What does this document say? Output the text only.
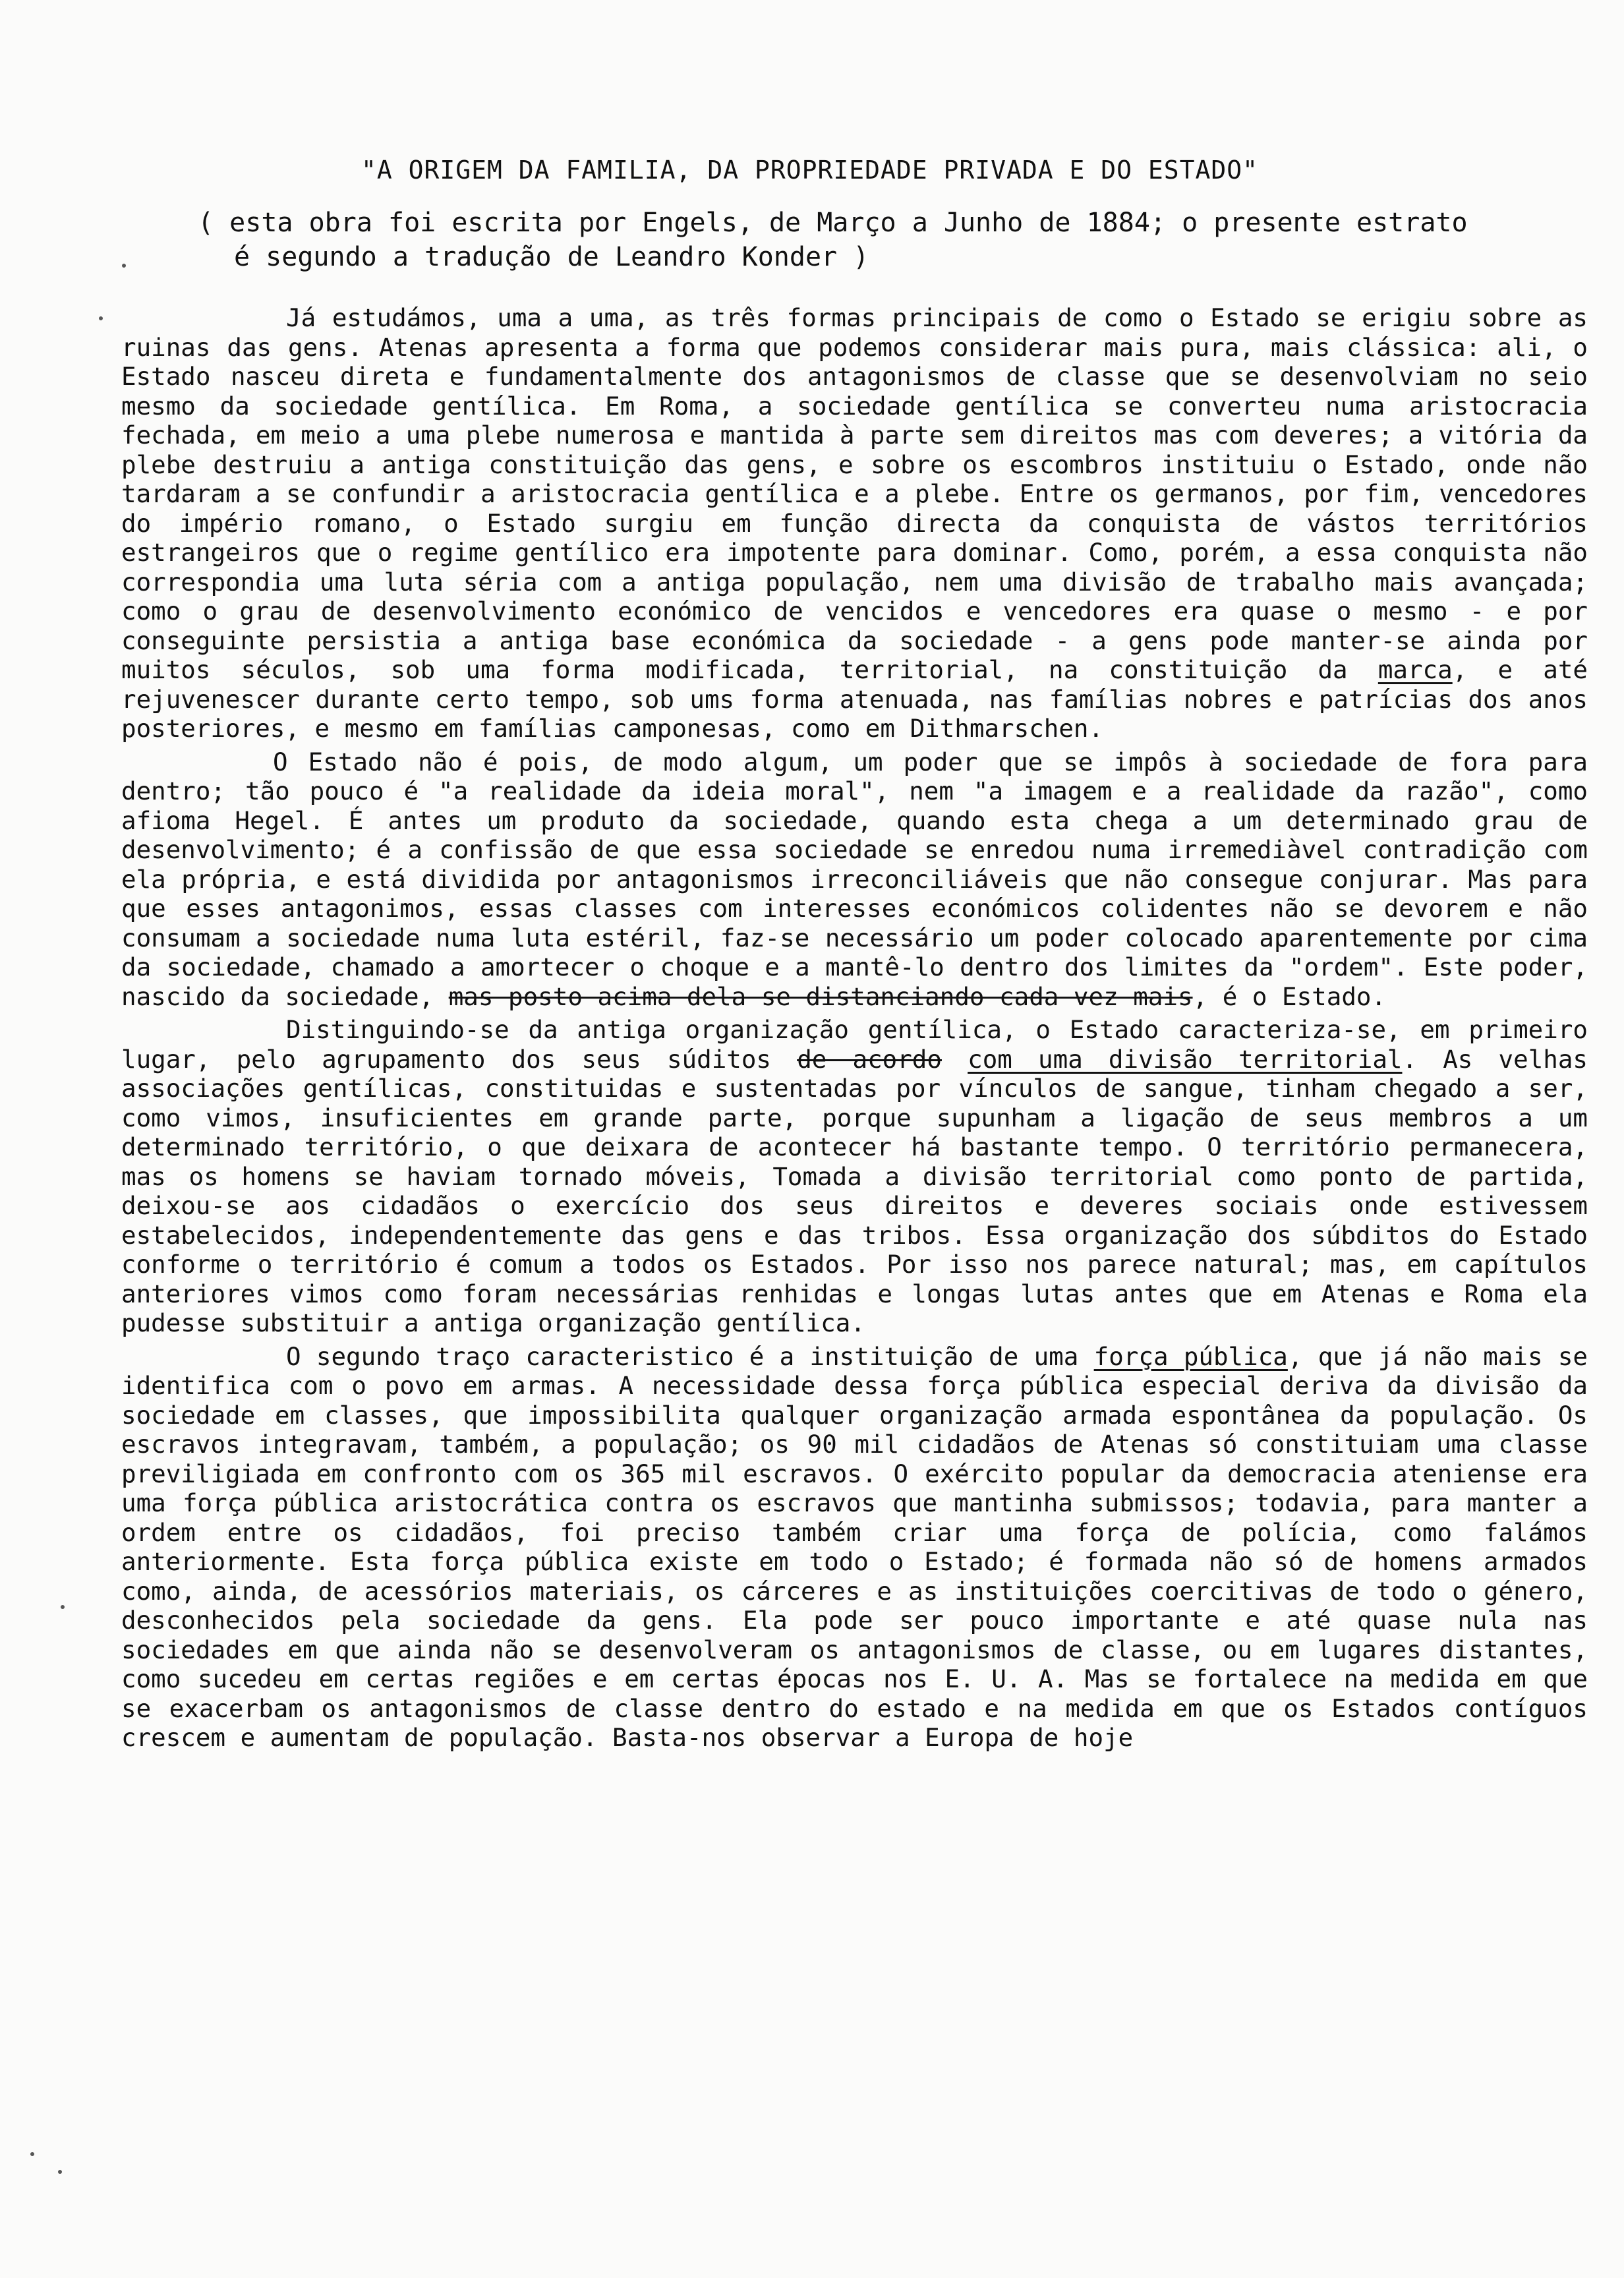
"A ORIGEM DA FAMILIA, DA PROPRIEDADE PRIVADA E DO ESTADO"
( esta obra foi escrita por Engels, de Março a Junho de 1884; o presente estrato
é segundo a tradução de Leandro Konder )

Já estudámos, uma a uma, as três formas principais de como o Estado se erigiu sobre as ruinas das gens. Atenas apresenta a forma que podemos considerar mais pura, mais clássica: ali, o Estado nasceu direta e fundamentalmente dos antagonismos de classe que se desenvolviam no seio mesmo da sociedade gentílica. Em Roma, a sociedade gentílica se converteu numa aristocracia fechada, em meio a uma plebe numerosa e mantida à parte sem direitos mas com deveres; a vitória da plebe destruiu a antiga constituição das gens, e sobre os escombros instituiu o Estado, onde não tardaram a se confundir a aristocracia gentílica e a plebe. Entre os germanos, por fim, vencedores do império romano, o Estado surgiu em função directa da conquista de vástos territórios estrangeiros que o regime gentílico era impotente para dominar. Como, porém, a essa conquista não correspondia uma luta séria com a antiga população, nem uma divisão de trabalho mais avançada; como o grau de desenvolvimento económico de vencidos e vencedores era quase o mesmo - e por conseguinte persistia a antiga base económica da sociedade - a gens pode manter-se ainda por muitos séculos, sob uma forma modificada, territorial, na constituição da marca, e até rejuvenescer durante certo tempo, sob ums forma atenuada, nas famílias nobres e patrícias dos anos posteriores, e mesmo em famílias camponesas, como em Dithmarschen.

O Estado não é pois, de modo algum, um poder que se impôs à sociedade de fora para dentro; tão pouco é "a realidade da ideia moral", nem "a imagem e a realidade da razão", como afioma Hegel. É antes um produto da sociedade, quando esta chega a um determinado grau de desenvolvimento; é a confissão de que essa sociedade se enredou numa irremediàvel contradição com ela própria, e está dividida por antagonismos irreconciliáveis que não consegue conjurar. Mas para que esses antagonimos, essas classes com interesses económicos colidentes não se devorem e não consumam a sociedade numa luta estéril, faz-se necessário um poder colocado aparentemente por cima da sociedade, chamado a amortecer o choque e a mantê-lo dentro dos limites da "ordem". Este poder, nascido da sociedade, mas posto acima dela se distanciando cada vez mais, é o Estado.

Distinguindo-se da antiga organização gentílica, o Estado caracteriza-se, em primeiro lugar, pelo agrupamento dos seus súditos de acordo com uma divisão territorial. As velhas associações gentílicas, constituidas e sustentadas por vínculos de sangue, tinham chegado a ser, como vimos, insuficientes em grande parte, porque supunham a ligação de seus membros a um determinado território, o que deixara de acontecer há bastante tempo. O território permanecera, mas os homens se haviam tornado móveis, Tomada a divisão territorial como ponto de partida, deixou-se aos cidadãos o exercício dos seus direitos e deveres sociais onde estivessem estabelecidos, independentemente das gens e das tribos. Essa organização dos súbditos do Estado conforme o território é comum a todos os Estados. Por isso nos parece natural; mas, em capítulos anteriores vimos como foram necessárias renhidas e longas lutas antes que em Atenas e Roma ela pudesse substituir a antiga organização gentílica.

O segundo traço caracteristico é a instituição de uma força pública, que já não mais se identifica com o povo em armas. A necessidade dessa força pública especial deriva da divisão da sociedade em classes, que impossibilita qualquer organização armada espontânea da população. Os escravos integravam, também, a população; os 90 mil cidadãos de Atenas só constituiam uma classe previligiada em confronto com os 365 mil escravos. O exército popular da democracia ateniense era uma força pública aristocrática contra os escravos que mantinha submissos; todavia, para manter a ordem entre os cidadãos, foi preciso também criar uma força de polícia, como falámos anteriormente. Esta força pública existe em todo o Estado; é formada não só de homens armados como, ainda, de acessórios materiais, os cárceres e as instituições coercitivas de todo o género, desconhecidos pela sociedade da gens. Ela pode ser pouco importante e até quase nula nas sociedades em que ainda não se desenvolveram os antagonismos de classe, ou em lugares distantes, como sucedeu em certas regiões e em certas épocas nos E. U. A. Mas se fortalece na medida em que se exacerbam os antagonismos de classe dentro do estado e na medida em que os Estados contíguos crescem e aumentam de população. Basta-nos observar a Europa de hoje
